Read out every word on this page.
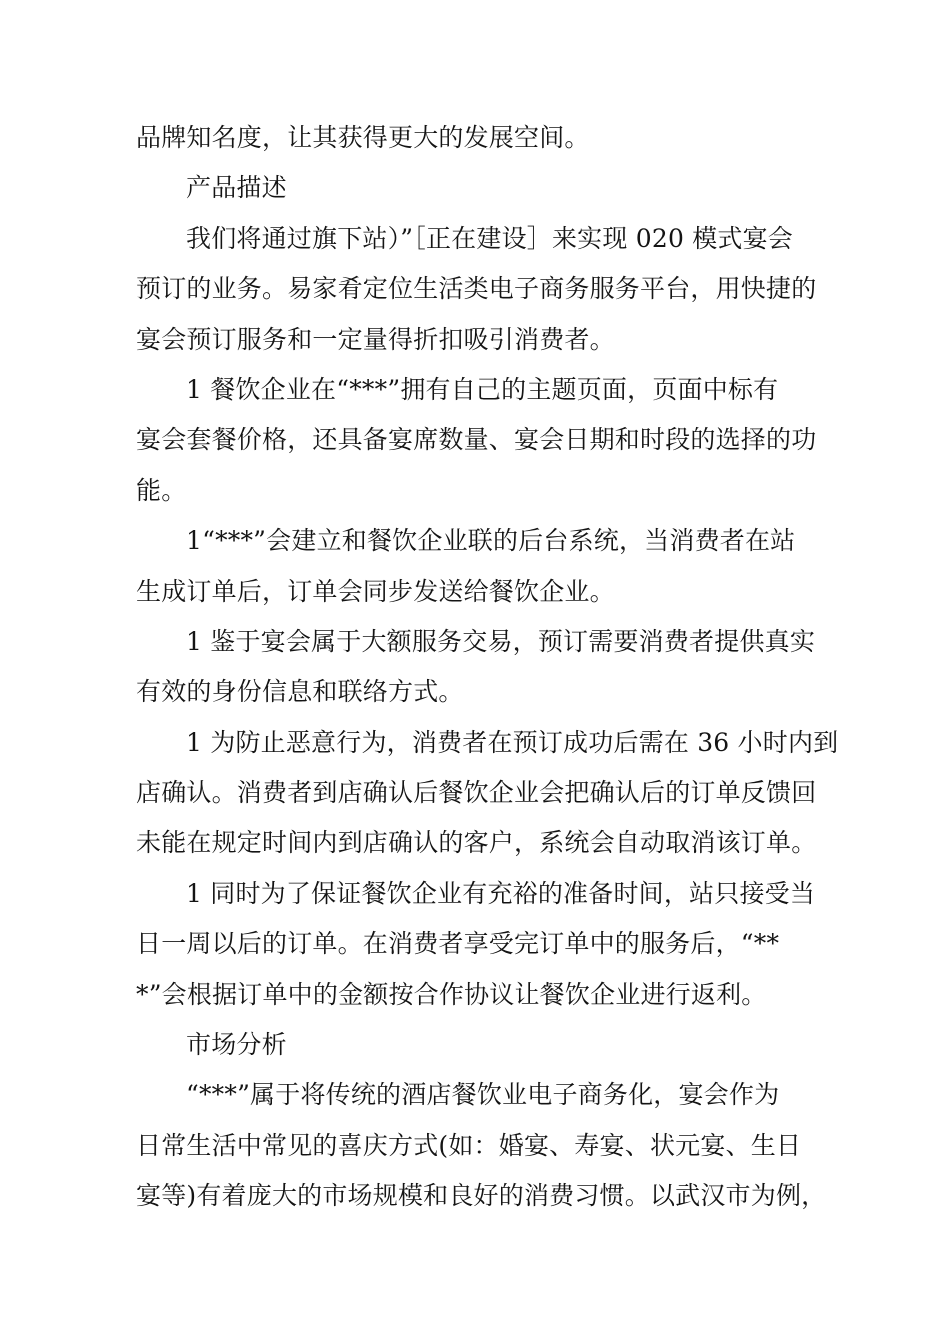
品牌知名度，让其获得更大的发展空间。
产品描述
我们将通过旗下站）”［正在建设］来实现 020 模式宴会
预订的业务。易家肴定位生活类电子商务服务平台，用快捷的
宴会预订服务和一定量得折扣吸引消费者。
1 餐饮企业在“***”拥有自己的主题页面，页面中标有
宴会套餐价格，还具备宴席数量、宴会日期和时段的选择的功
能。
1“***”会建立和餐饮企业联的后台系统，当消费者在站
生成订单后，订单会同步发送给餐饮企业。
1 鉴于宴会属于大额服务交易，预订需要消费者提供真实
有效的身份信息和联络方式。
1 为防止恶意行为，消费者在预订成功后需在 36 小时内到
店确认。消费者到店确认后餐饮企业会把确认后的订单反馈回
未能在规定时间内到店确认的客户，系统会自动取消该订单。
1 同时为了保证餐饮企业有充裕的准备时间，站只接受当
日一周以后的订单。在消费者享受完订单中的服务后，“**
*”会根据订单中的金额按合作协议让餐饮企业进行返利。
市场分析
“***”属于将传统的酒店餐饮业电子商务化，宴会作为
日常生活中常见的喜庆方式(如：婚宴、寿宴、状元宴、生日
宴等)有着庞大的市场规模和良好的消费习惯。以武汉市为例，
